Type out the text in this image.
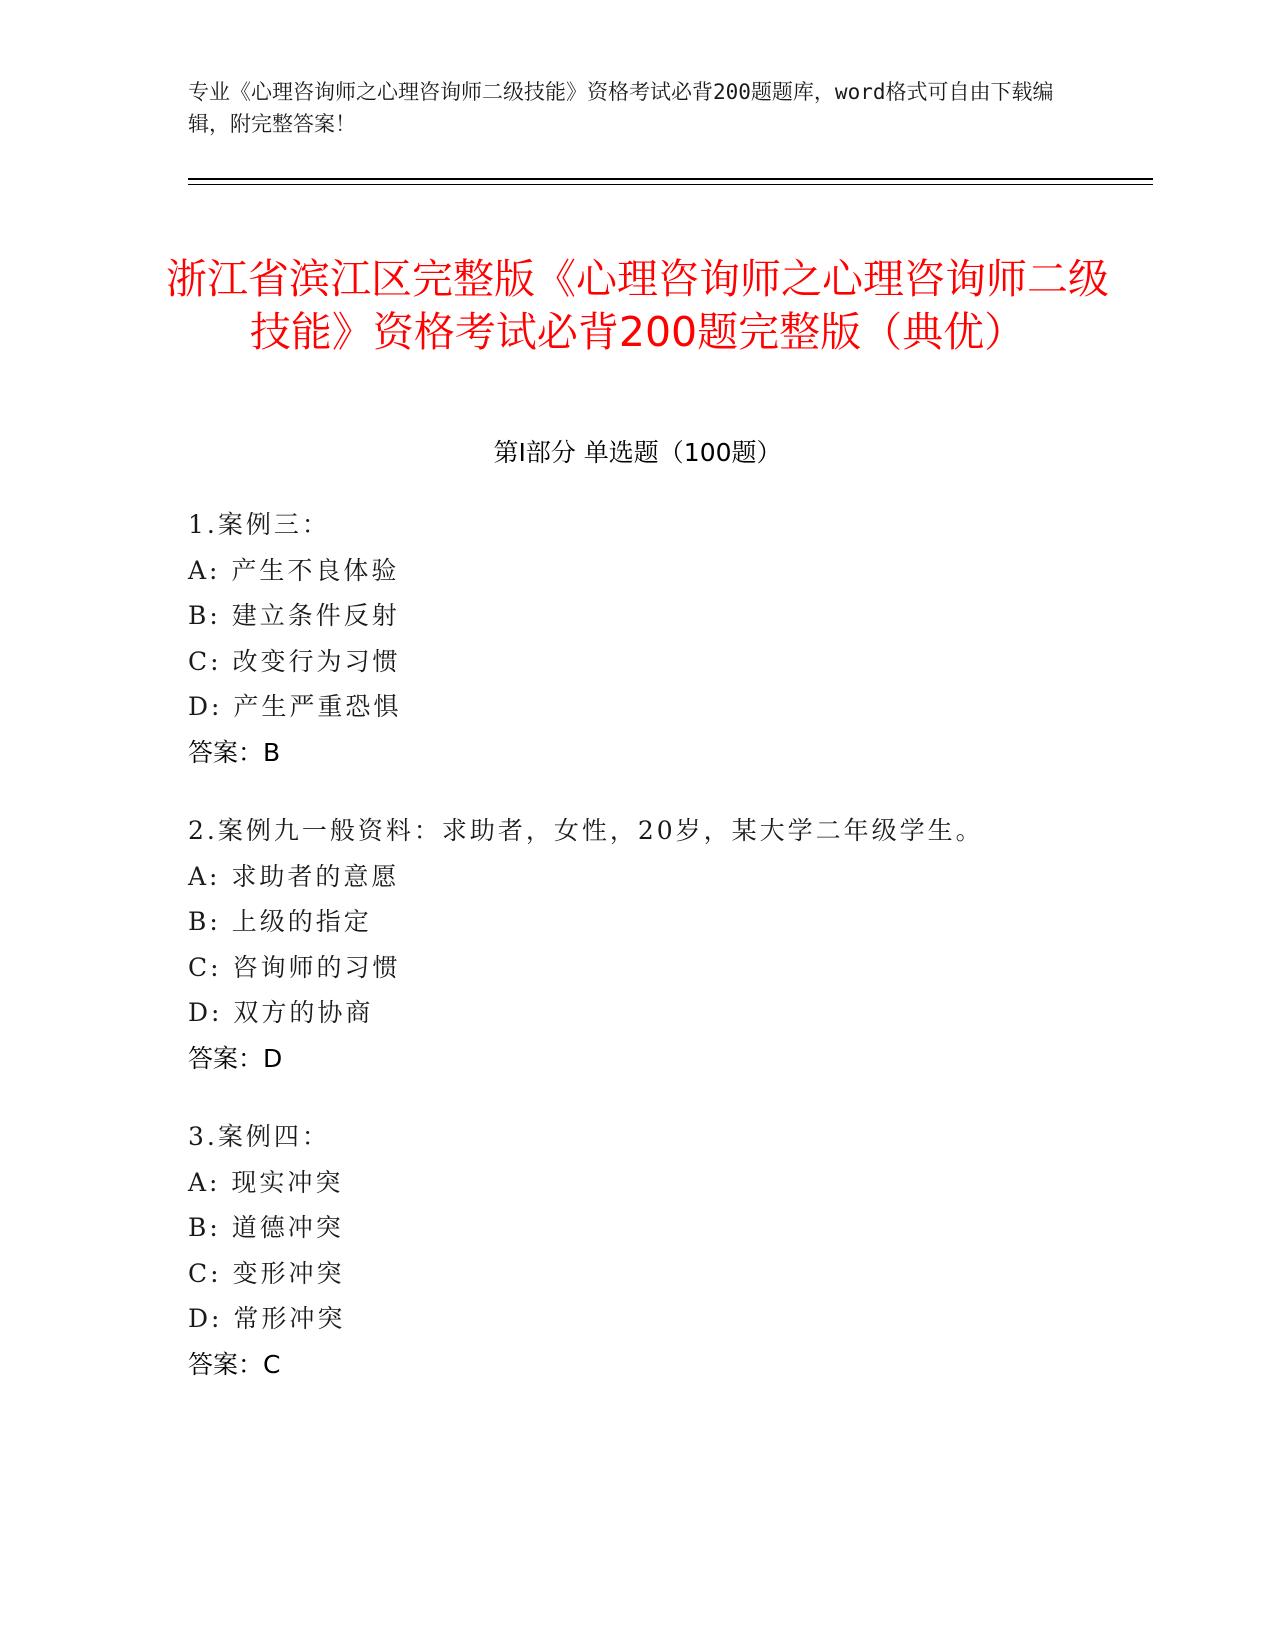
专业《心理咨询师之心理咨询师二级技能》资格考试必背200题题库，word格式可自由下载编辑，附完整答案！
浙江省滨江区完整版《心理咨询师之心理咨询师二级技能》资格考试必背200题完整版（典优）
第Ⅰ部分 单选题（100题）
1.案例三：
A: 产生不良体验
B: 建立条件反射
C: 改变行为习惯
D: 产生严重恐惧
答案：B
2.案例九一般资料：求助者，女性，20岁，某大学二年级学生。
A: 求助者的意愿
B: 上级的指定
C: 咨询师的习惯
D: 双方的协商
答案：D
3.案例四：
A: 现实冲突
B: 道德冲突
C: 变形冲突
D: 常形冲突
答案：C
